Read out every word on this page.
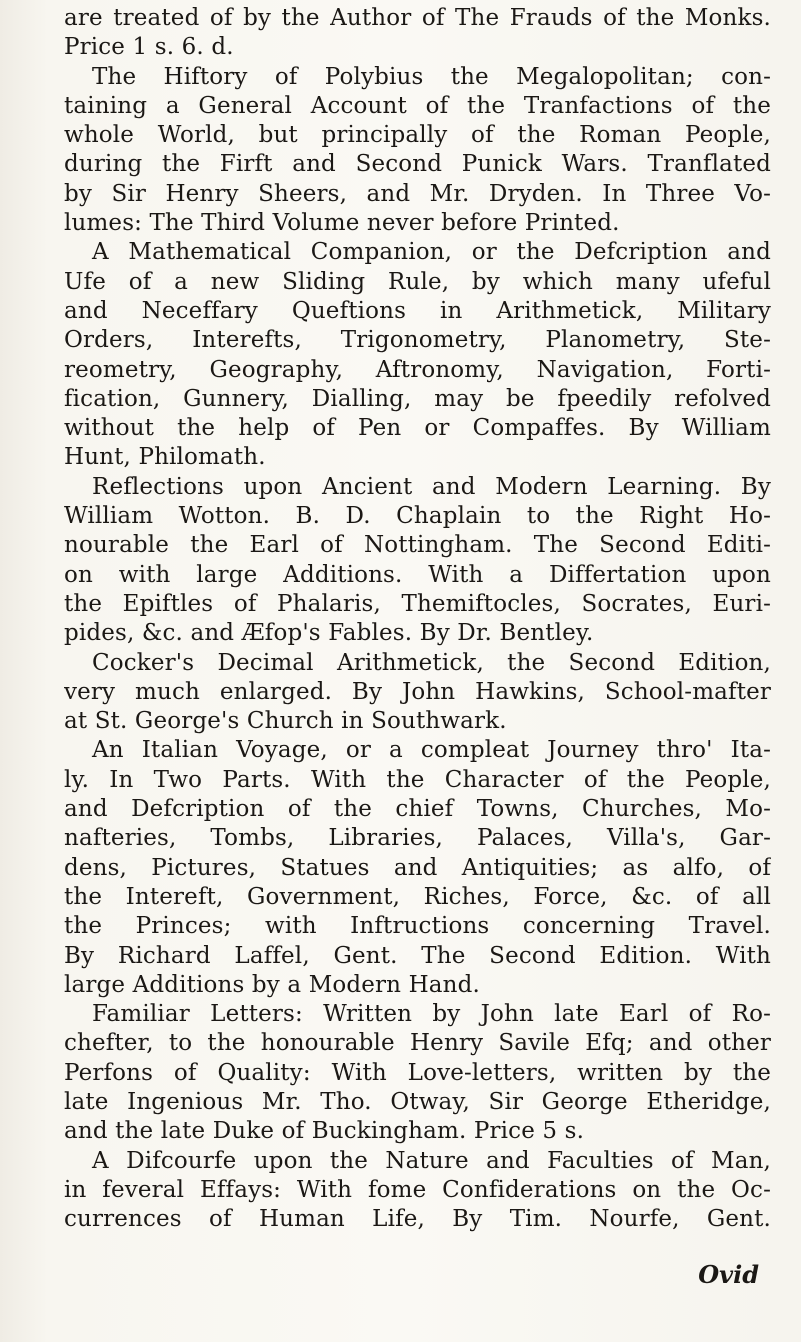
are treated of by the Author of The Frauds of the Monks.
Price 1 s. 6. d.
The Hiftory of Polybius the Megalopolitan; con-
taining a General Account of the Tranfactions of the
whole World, but principally of the Roman People,
during the Firft and Second Punick Wars. Tranflated
by Sir Henry Sheers, and Mr. Dryden. In Three Vo-
lumes: The Third Volume never before Printed.
A Mathematical Companion, or the Defcription and
Ufe of a new Sliding Rule, by which many ufeful
and Neceffary Queftions in Arithmetick, Military
Orders, Interefts, Trigonometry, Planometry, Ste-
reometry, Geography, Aftronomy, Navigation, Forti-
fication, Gunnery, Dialling, may be fpeedily refolved
without the help of Pen or Compaffes. By William
Hunt, Philomath.
Reflections upon Ancient and Modern Learning. By
William Wotton. B. D. Chaplain to the Right Ho-
nourable the Earl of Nottingham. The Second Editi-
on with large Additions. With a Differtation upon
the Epiftles of Phalaris, Themiftocles, Socrates, Euri-
pides, &c. and Æfop's Fables. By Dr. Bentley.
Cocker's Decimal Arithmetick, the Second Edition,
very much enlarged. By John Hawkins, School-mafter
at St. George's Church in Southwark.
An Italian Voyage, or a compleat Journey thro' Ita-
ly. In Two Parts. With the Character of the People,
and Defcription of the chief Towns, Churches, Mo-
nafteries, Tombs, Libraries, Palaces, Villa's, Gar-
dens, Pictures, Statues and Antiquities; as alfo, of
the Intereft, Government, Riches, Force, &c. of all
the Princes; with Inftructions concerning Travel.
By Richard Laffel, Gent. The Second Edition. With
large Additions by a Modern Hand.
Familiar Letters: Written by John late Earl of Ro-
chefter, to the honourable Henry Savile Efq; and other
Perfons of Quality: With Love-letters, written by the
late Ingenious Mr. Tho. Otway, Sir George Etheridge,
and the late Duke of Buckingham. Price 5 s.
A Difcourfe upon the Nature and Faculties of Man,
in feveral Effays: With fome Confiderations on the Oc-
currences of Human Life, By Tim. Nourfe, Gent.
Ovid
